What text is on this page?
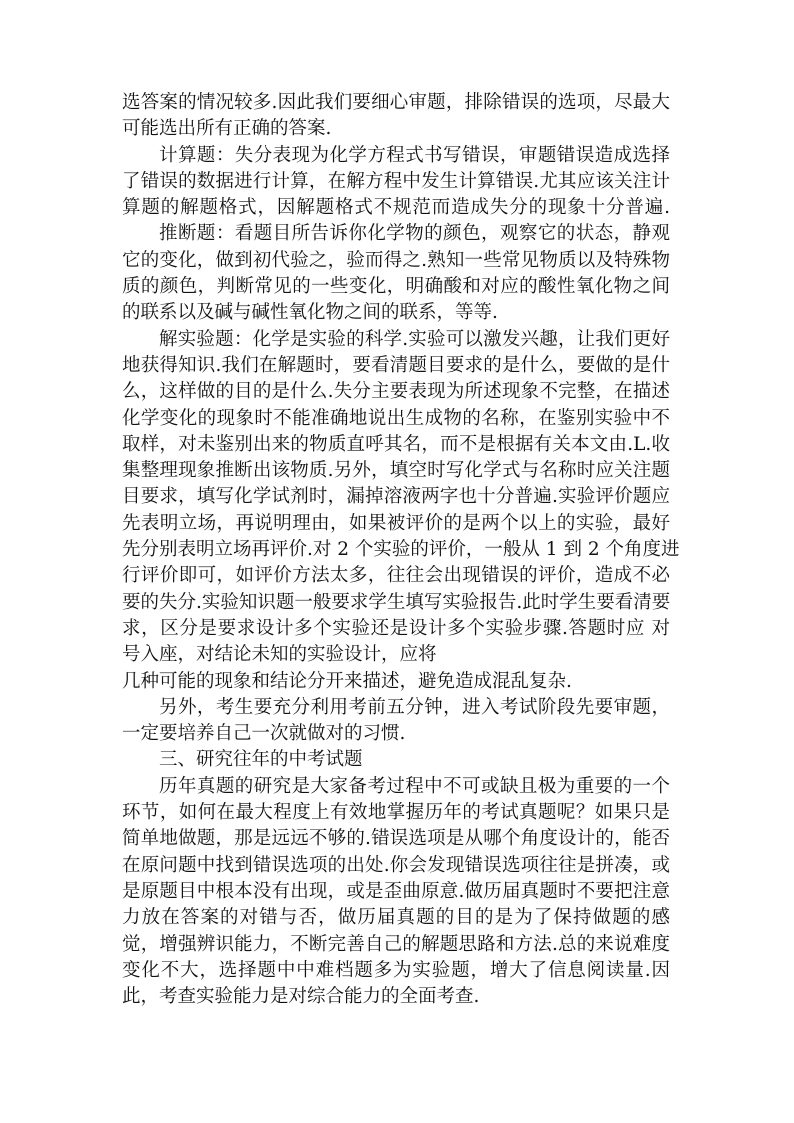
选答案的情况较多.因此我们要细心审题，排除错误的选项，尽最大
可能选出所有正确的答案.
计算题：失分表现为化学方程式书写错误，审题错误造成选择
了错误的数据进行计算，在解方程中发生计算错误.尤其应该关注计
算题的解题格式，因解题格式不规范而造成失分的现象十分普遍.
推断题：看题目所告诉你化学物的颜色，观察它的状态，静观
它的变化，做到初代验之，验而得之.熟知一些常见物质以及特殊物
质的颜色，判断常见的一些变化，明确酸和对应的酸性氧化物之间
的联系以及碱与碱性氧化物之间的联系，等等.
解实验题：化学是实验的科学.实验可以激发兴趣，让我们更好
地获得知识.我们在解题时，要看清题目要求的是什么，要做的是什
么，这样做的目的是什么.失分主要表现为所述现象不完整，在描述
化学变化的现象时不能准确地说出生成物的名称，在鉴别实验中不
取样，对未鉴别出来的物质直呼其名，而不是根据有关本文由.L.收
集整理现象推断出该物质.另外，填空时写化学式与名称时应关注题
目要求，填写化学试剂时，漏掉溶液两字也十分普遍.实验评价题应
先表明立场，再说明理由，如果被评价的是两个以上的实验，最好
先分别表明立场再评价.对 2 个实验的评价，一般从 1 到 2 个角度进
行评价即可，如评价方法太多，往往会出现错误的评价，造成不必
要的失分.实验知识题一般要求学生填写实验报告.此时学生要看清要
求，区分是要求设计多个实验还是设计多个实验步骤.答题时应 对
号入座，对结论未知的实验设计，应将
几种可能的现象和结论分开来描述，避免造成混乱复杂.
另外，考生要充分利用考前五分钟，进入考试阶段先要审题，
一定要培养自己一次就做对的习惯.
三、研究往年的中考试题
历年真题的研究是大家备考过程中不可或缺且极为重要的一个
环节，如何在最大程度上有效地掌握历年的考试真题呢？如果只是
简单地做题，那是远远不够的.错误选项是从哪个角度设计的，能否
在原问题中找到错误选项的出处.你会发现错误选项往往是拼凑，或
是原题目中根本没有出现，或是歪曲原意.做历届真题时不要把注意
力放在答案的对错与否，做历届真题的目的是为了保持做题的感
觉，增强辨识能力，不断完善自己的解题思路和方法.总的来说难度
变化不大，选择题中中难档题多为实验题，增大了信息阅读量.因
此，考查实验能力是对综合能力的全面考查.
